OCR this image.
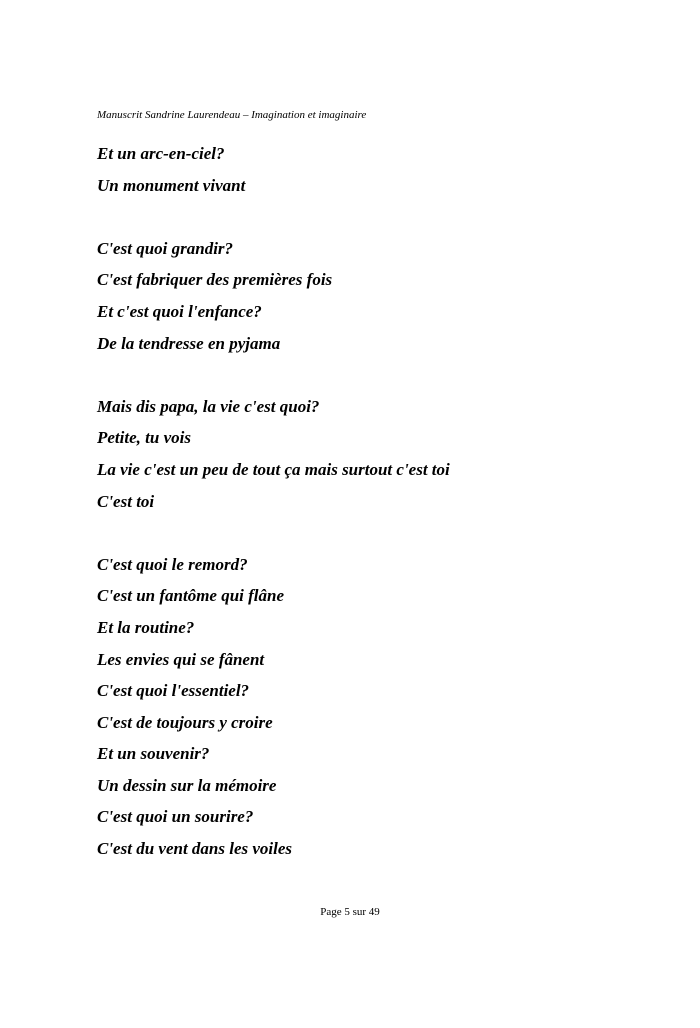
Manuscrit Sandrine Laurendeau – Imagination et imaginaire
Et un arc-en-ciel?
Un monument vivant
C'est quoi grandir?
C'est fabriquer des premières fois
Et c'est quoi l'enfance?
De la tendresse en pyjama
Mais dis papa, la vie c'est quoi?
Petite, tu vois
La vie c'est un peu de tout ça mais surtout c'est toi
C'est toi
C'est quoi le remord?
C'est un fantôme qui flâne
Et la routine?
Les envies qui se fânent
C'est quoi l'essentiel?
C'est de toujours y croire
Et un souvenir?
Un dessin sur la mémoire
C'est quoi un sourire?
C'est du vent dans les voiles
Page 5 sur 49
